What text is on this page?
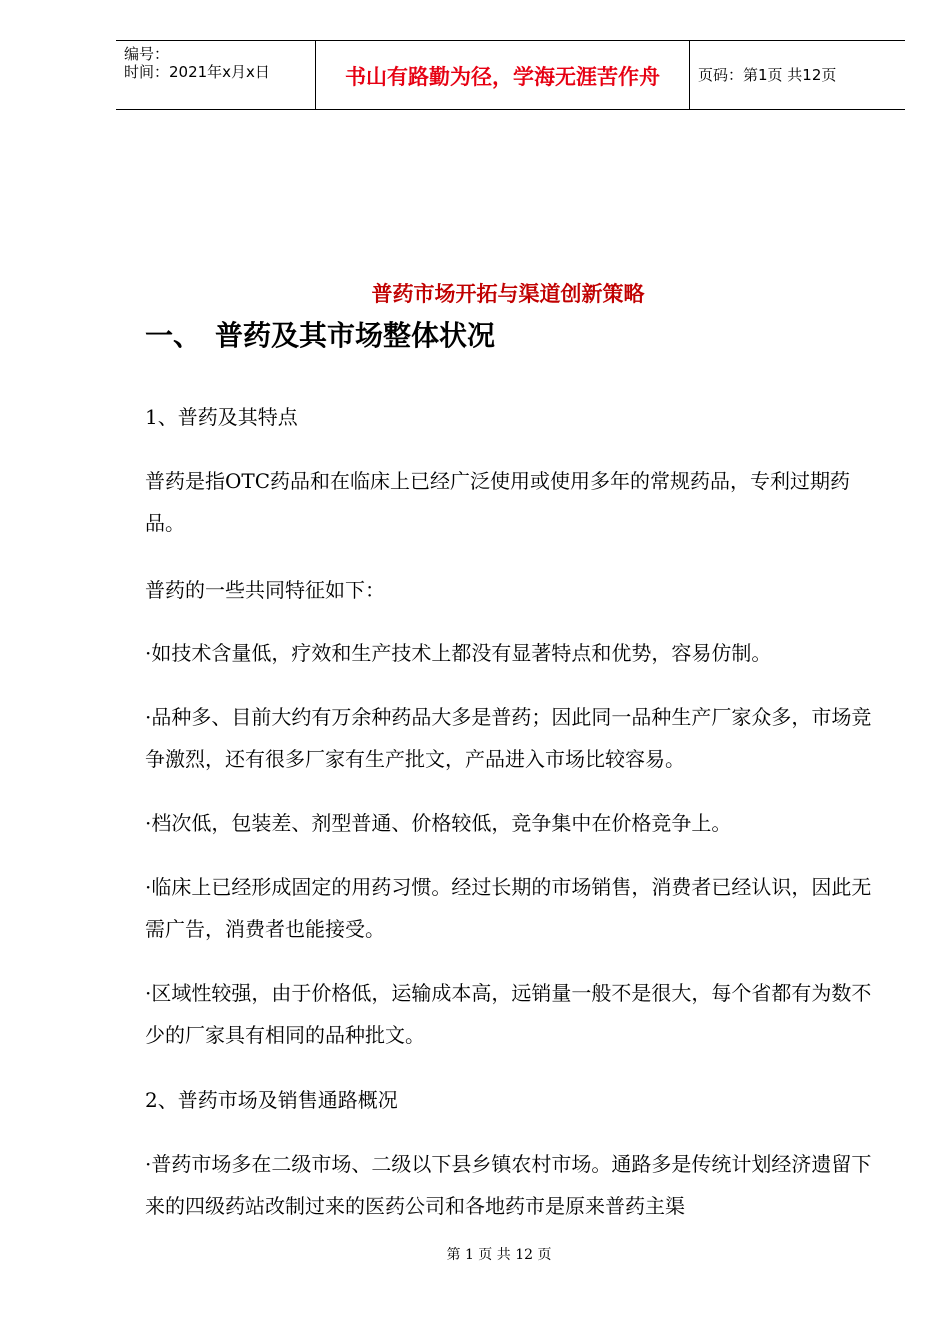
编号：
时间：2021年x月x日	书山有路勤为径，学海无涯苦作舟	页码：第1页 共12页
普药市场开拓与渠道创新策略
一、 普药及其市场整体状况

1、普药及其特点

普药是指OTC药品和在临床上已经广泛使用或使用多年的常规药品，专利过期药品。

普药的一些共同特征如下：

·如技术含量低，疗效和生产技术上都没有显著特点和优势，容易仿制。

·品种多、目前大约有万余种药品大多是普药；因此同一品种生产厂家众多，市场竞争激烈，还有很多厂家有生产批文，产品进入市场比较容易。

·档次低，包装差、剂型普通、价格较低，竞争集中在价格竞争上。

·临床上已经形成固定的用药习惯。经过长期的市场销售，消费者已经认识，因此无需广告，消费者也能接受。

·区域性较强，由于价格低，运输成本高，远销量一般不是很大，每个省都有为数不少的厂家具有相同的品种批文。

2、普药市场及销售通路概况

·普药市场多在二级市场、二级以下县乡镇农村市场。通路多是传统计划经济遗留下来的四级药站改制过来的医药公司和各地药市是原来普药主渠

第 1 页 共 12 页
